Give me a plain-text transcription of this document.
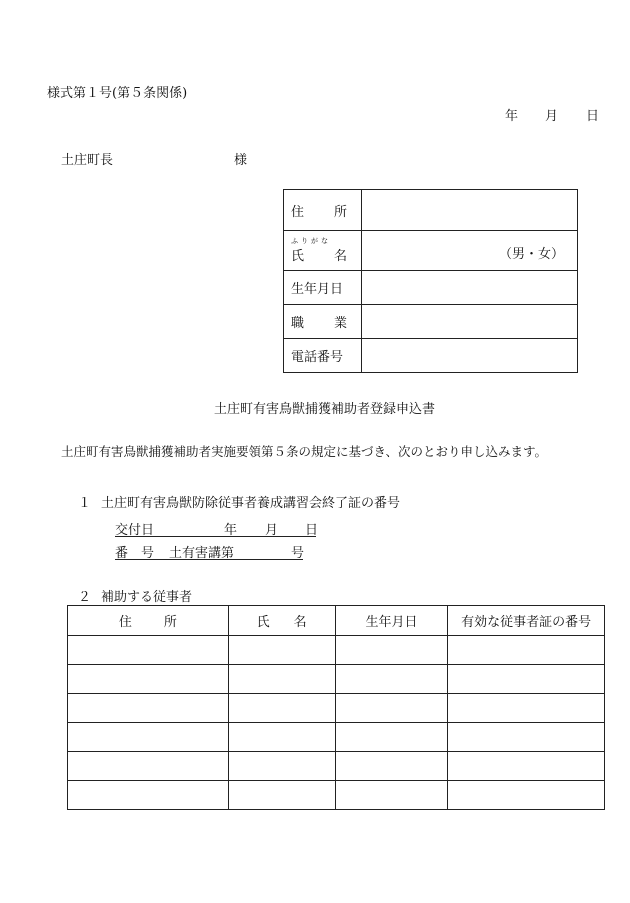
様式第１号(第５条関係)
年 月 日
土庄町長	様
住 所	

ふりがな
氏 名	（男・女）

生年月日	

職 業	

電話番号	
土庄町有害鳥獣捕獲補助者登録申込書
土庄町有害鳥獣捕獲補助者実施要領第５条の規定に基づき、次のとおり申し込みます。
１ 土庄町有害鳥獣防除従事者養成講習会終了証の番号
交付日	年 月 日
番　号 土有害講第	号
２ 補助する従事者
住 所	氏 名	生年月日	有効な従事者証の番号
